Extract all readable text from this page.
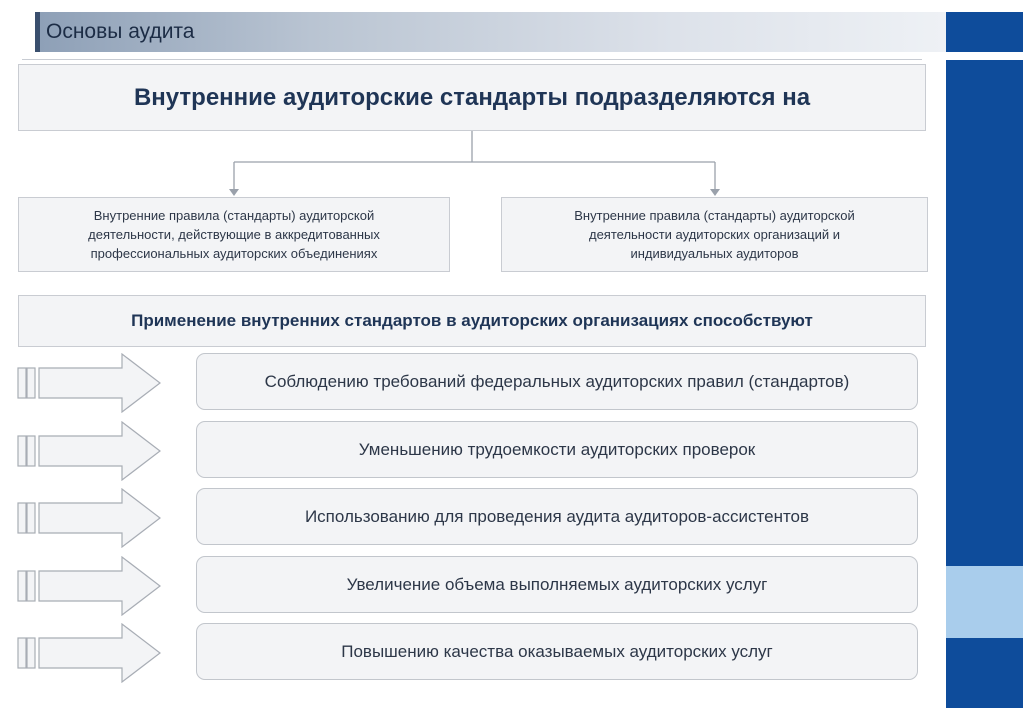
Основы аудита
Внутренние аудиторские стандарты подразделяются на
Внутренние правила (стандарты) аудиторской
деятельности, действующие в аккредитованных
профессиональных аудиторских объединениях
Внутренние правила (стандарты) аудиторской
деятельности аудиторских организаций и
индивидуальных аудиторов
Применение внутренних стандартов в аудиторских организациях способствуют
Соблюдению требований федеральных аудиторских правил (стандартов)
Уменьшению трудоемкости аудиторских проверок
Использованию для проведения аудита аудиторов-ассистентов
Увеличение объема выполняемых аудиторских услуг
Повышению качества оказываемых аудиторских услуг
